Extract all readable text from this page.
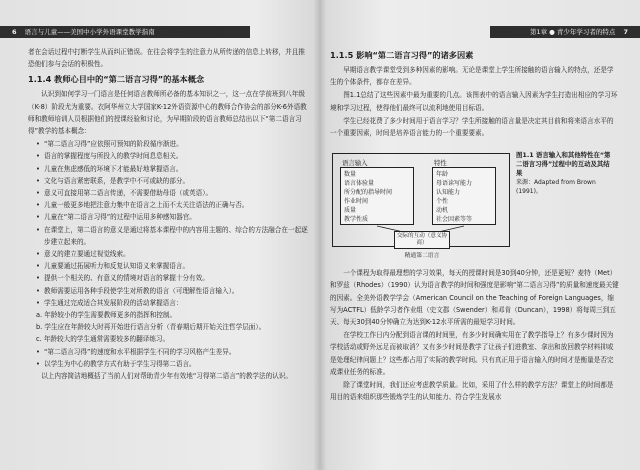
6 语言与儿童——美国中小学外语课堂教学指南

者在会话过程中打断学生从而纠正错误。在往会将学生的注意力从所传递的信息上转移，并且推恐他们参与会话的积极性。

1.1.4 教师心目中的“第二语言习得”的基本概念

认识到如何学习一门语言是任何语言教师所必备的基本知识之一，这一点在学前班到八年级（K-8）阶段尤为重要。衣阿华州立大学国家K-12外语资源中心的教师合作协会的部分K-6外语教师和教师培训人员根据他们的授课经验和讨论，为早期阶段的语言教师总结出以下“第二语言习得”教学的基本概念：

• “第二语言习得”应依照可预知的阶段循序渐进。

• 语言的掌握程度与所投入的教学时间息息相关。

• 儿童在焦虑感低的环境下才能最好地掌握语言。

• 文化与语言紧密联系，是教学中不可或缺的部分。

• 意义可直接用第二语言传递，不需要借助母语（或英语）。

• 儿童一般更多地把注意力集中在语言之上而不太关注语法的正确与否。

• 儿童在“第二语言习得”的过程中运用多种感知器官。

• 在课堂上，第二语言的意义是通过将基本课程中的内容用主题的、综合的方法融合在一起逐步建立起来的。

• 意义的建立要通过视觉线索。

• 儿童要通过拓展听力和反复认知语义来掌握语言。

• 提供一个相关的、有意义的情境对语言的掌握十分有效。

• 教师需要运用各种手段使学生对所教的语言（可理解性语言输入）。

• 学生通过完成适合其发展阶段的活动掌握语言：

a. 年龄较小的学生需要教师更多的指挥和控制。

b. 学生应在年龄较大时再开始进行语言分析（青春期后期开始关注哲学层面）。

c. 年龄较大的学生通常需要较多的翻译练习。

• “第二语言习得”的速度和水平根据学生不同的学习风格产生差异。

• 以学生为中心的教学方式有助于学生习得第二语言。

以上内容简洁地概括了当前人们对帮助青少年有效地“习得第二语言”的教学法的认识。

第1章 ● 青少年学习者的特点 7

1.1.5 影响“第二语言习得”的诸多因素

早期语言教学课堂受到多种因素的影响。无论是课堂上学生所接触的语言输入的特点，还是学生的个体条件，都存在差异。

图1.1总结了这些因素中最为重要的几点。该图表中的语言输入因素为学生打造出相应的学习环境和学习过程，使得他们最终可以流利地使用目标语。

学生已经花费了多少时间用于语言学习？学生所接触的语言量是决定其目前和将来语言水平的一个重要因素，时间是培养语言能力的一个重要要素。

语言输入
数量
语言体验量
所分配的指导时间
作业时间
质量
教学性质
特性
年龄
母语读写能力
认知能力
个性
动机
社会因素等等
交际的互动（意义协商）
精通第二语言
图1.1 语言输入和其他特性在“第二语言习得”过程中的互动及其结果
来源：Adapted from Brown (1991)。

一个课程为取得最理想的学习效果，每天的授课时间是30到40分钟，还是更短？麦特（Met）和罗兹（Rhodes）（1990）认为语言教学的时间和强度是影响“第二语言习得”的质量和速度最关键的因素。全美外语教学学会（American Council on the Teaching of Foreign Languages，缩写为ACTFL）低龄学习者作业组（史文郡（Swender）和邓肯（Duncan），1998）将每周三到五天、每天30到40分钟确立为达到K-12水平所需的最短学习时间。

在学校工作日内分配到语言课的时间里，有多少时间确实用在了教学指导上？有多少课时因为学校活动或野外远足而被取消？又有多少时间是教学了让孩子们进教室、拿出和放回教学材料抑或是处理纪律问题上？这些都占用了实际的教学时间。只有真正用于语言输入的时间才是衡量是否完成课业任务的标准。

除了课堂时间，我们还应考虑教学质量。比如，采用了什么样的教学方法？课堂上的时间都是用目的语来组织那些锻炼学生的认知能力、符合学生发展水
